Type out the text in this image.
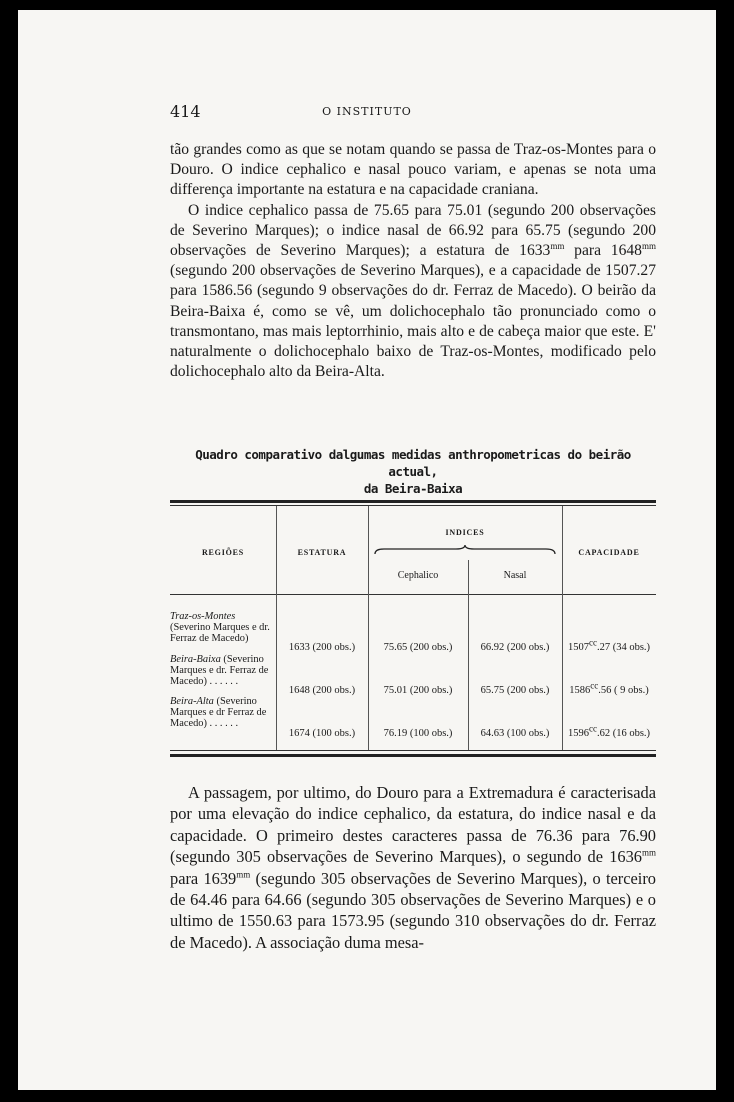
414	O INSTITUTO

tão grandes como as que se notam quando se passa de Traz-os-Montes para o Douro. O indice cephalico e nasal pouco variam, e apenas se nota uma differença importante na estatura e na capacidade craniana.

O indice cephalico passa de 75.65 para 75.01 (segundo 200 observações de Severino Marques); o indice nasal de 66.92 para 65.75 (segundo 200 observações de Severino Marques); a estatura de $1633^{mm}$ para $1648^{mm}$ (segundo 200 observações de Severino Marques), e a capacidade de 1507.27 para 1586.56 (segundo 9 observações do dr. Ferraz de Macedo). O beirão da Beira-Baixa é, como se vê, um dolichocephalo tão pronunciado como o transmontano, mas mais leptorrhinio, mais alto e de cabeça maior que este. E' naturalmente o dolichocephalo baixo de Traz-os-Montes, modificado pelo dolichocephalo alto da Beira-Alta.

Quadro comparativo dalgumas medidas anthropometricas do beirão actual,
da Beira-Baixa
REGIÕES	ESTATURA
INDICES
CAPACIDADE
Cephalico	Nasal
Traz-os-Montes (Severino Marques e dr. Ferraz de Macedo)
1633 (200 obs.)	75.65 (200 obs.)	66.92 (200 obs.)	$1507^{cc}.27$ (34 obs.)
Beira-Baixa (Severino Marques e dr. Ferraz de Macedo) . . . . . .
1648 (200 obs.)	75.01 (200 obs.)	65.75 (200 obs.)	$1586^{cc}.56$ ( 9 obs.)
Beira-Alta (Severino Marques e dr Ferraz de Macedo) . . . . . .
1674 (100 obs.)	76.19 (100 obs.)	64.63 (100 obs.)	$1596^{cc}.62$ (16 obs.)

A passagem, por ultimo, do Douro para a Extremadura é caracterisada por uma elevação do indice cephalico, da estatura, do indice nasal e da capacidade. O primeiro destes caracteres passa de 76.36 para 76.90 (segundo 305 observações de Severino Marques), o segundo de $1636^{mm}$ para $1639^{mm}$ (segundo 305 observações de Severino Marques), o terceiro de 64.46 para 64.66 (segundo 305 observações de Severino Marques) e o ultimo de 1550.63 para 1573.95 (segundo 310 observações do dr. Ferraz de Macedo). A associação duma mesa-
